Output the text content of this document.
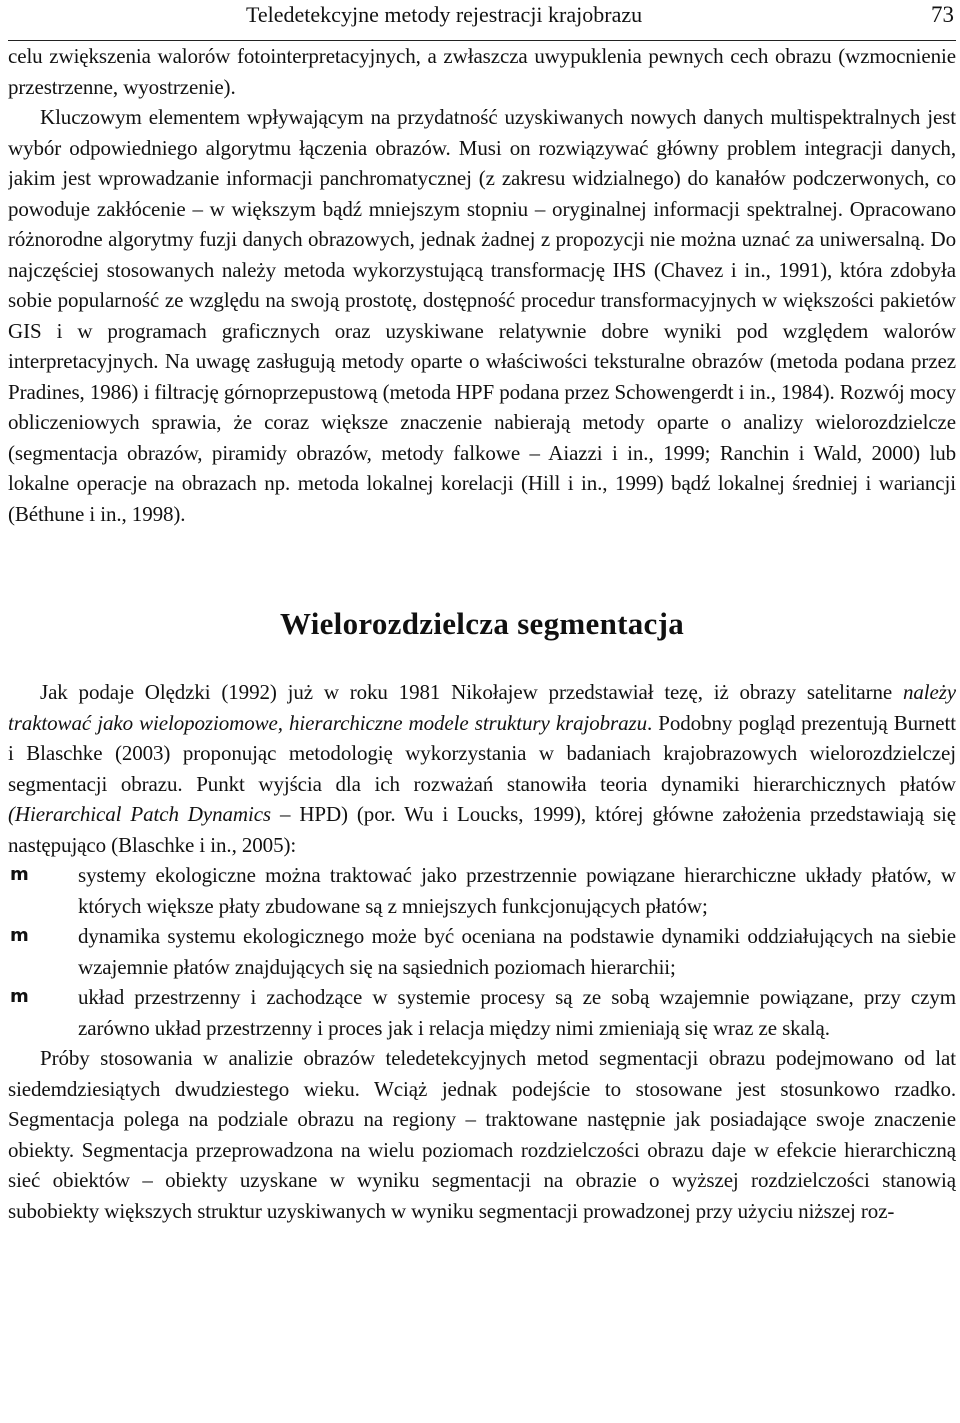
Teledetekcyjne metody rejestracji krajobrazu	73

celu zwiększenia walorów fotointerpretacyjnych, a zwłaszcza uwypuklenia pewnych cech obrazu (wzmocnienie przestrzenne, wyostrzenie).

Kluczowym elementem wpływającym na przydatność uzyskiwanych nowych danych multispektralnych jest wybór odpowiedniego algorytmu łączenia obrazów. Musi on rozwiązywać główny problem integracji danych, jakim jest wprowadzanie informacji panchromatycznej (z zakresu widzialnego) do kanałów podczerwonych, co powoduje zakłócenie – w większym bądź mniejszym stopniu – oryginalnej informacji spektralnej. Opracowano różnorodne algorytmy fuzji danych obrazowych, jednak żadnej z propozycji nie można uznać za uniwersalną. Do najczęściej stosowanych należy metoda wykorzystującą transformację IHS (Chavez i in., 1991), która zdobyła sobie popularność ze względu na swoją prostotę, dostępność procedur transformacyjnych w większości pakietów GIS i w programach graficznych oraz uzyskiwane relatywnie dobre wyniki pod względem walorów interpretacyjnych. Na uwagę zasługują metody oparte o właściwości teksturalne obrazów (metoda podana przez Pradines, 1986) i filtrację górnoprzepustową (metoda HPF podana przez Schowengerdt i in., 1984). Rozwój mocy obliczeniowych sprawia, że coraz większe znaczenie nabierają metody oparte o analizy wielorozdzielcze (segmentacja obrazów, piramidy obrazów, metody falkowe – Aiazzi i in., 1999; Ranchin i Wald, 2000) lub lokalne operacje na obrazach np. metoda lokalnej korelacji (Hill i in., 1999) bądź lokalnej średniej i wariancji (Béthune i in., 1998).

Wielorozdzielcza segmentacja

Jak podaje Olędzki (1992) już w roku 1981 Nikołajew przedstawiał tezę, iż obrazy satelitarne należy traktować jako wielopoziomowe, hierarchiczne modele struktury krajobrazu. Podobny pogląd prezentują Burnett i Blaschke (2003) proponując metodologię wykorzystania w badaniach krajobrazowych wielorozdzielczej segmentacji obrazu. Punkt wyjścia dla ich rozważań stanowiła teoria dynamiki hierarchicznych płatów (Hierarchical Patch Dynamics – HPD) (por. Wu i Loucks, 1999), której główne założenia przedstawiają się następująco (Blaschke i in., 2005):

m systemy ekologiczne można traktować jako przestrzennie powiązane hierarchiczne układy płatów, w których większe płaty zbudowane są z mniejszych funkcjonujących płatów;
m dynamika systemu ekologicznego może być oceniana na podstawie dynamiki oddziałujących na siebie wzajemnie płatów znajdujących się na sąsiednich poziomach hierarchii;
m układ przestrzenny i zachodzące w systemie procesy są ze sobą wzajemnie powiązane, przy czym zarówno układ przestrzenny i proces jak i relacja między nimi zmieniają się wraz ze skalą.

Próby stosowania w analizie obrazów teledetekcyjnych metod segmentacji obrazu podejmowano od lat siedemdziesiątych dwudziestego wieku. Wciąż jednak podejście to stosowane jest stosunkowo rzadko. Segmentacja polega na podziale obrazu na regiony – traktowane następnie jak posiadające swoje znaczenie obiekty. Segmentacja przeprowadzona na wielu poziomach rozdzielczości obrazu daje w efekcie hierarchiczną sieć obiektów – obiekty uzyskane w wyniku segmentacji na obrazie o wyższej rozdzielczości stanowią subobiekty większych struktur uzyskiwanych w wyniku segmentacji prowadzonej przy użyciu niższej roz-
